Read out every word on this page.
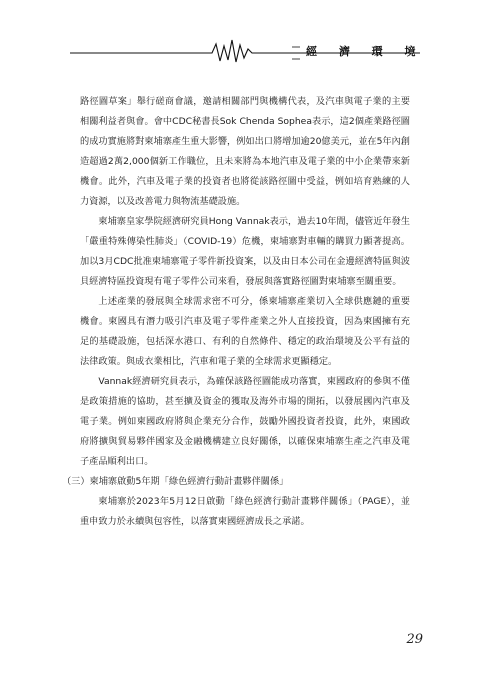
經 濟 環 境

路徑圖草案」舉行磋商會議，邀請相關部門與機構代表，及汽車與電子業的主要相關利益者與會。會中CDC秘書長Sok Chenda Sophea表示，這2個產業路徑圖的成功實施將對柬埔寨產生重大影響，例如出口將增加逾20億美元，並在5年內創造超過2萬2,000個新工作職位，且未來將為本地汽車及電子業的中小企業帶來新機會。此外，汽車及電子業的投資者也將從該路徑圖中受益，例如培育熟練的人力資源，以及改善電力與物流基礎設施。

柬埔寨皇家學院經濟研究員Hong Vannak表示，過去10年間，儘管近年發生「嚴重特殊傳染性肺炎」（COVID-19）危機，柬埔寨對車輛的購買力顯著提高。加以3月CDC批准柬埔寨電子零件新投資案，以及由日本公司在金邊經濟特區與波貝經濟特區投資現有電子零件公司來看，發展與落實路徑圖對柬埔寨至關重要。

上述產業的發展與全球需求密不可分，係柬埔寨產業切入全球供應鏈的重要機會。柬國具有潛力吸引汽車及電子零件產業之外人直接投資，因為柬國擁有充足的基礎設施，包括深水港口、有利的自然條件、穩定的政治環境及公平有益的法律政策。與成衣業相比，汽車和電子業的全球需求更顯穩定。

Vannak經濟研究員表示，為確保該路徑圖能成功落實，柬國政府的參與不僅是政策措施的協助，甚至擴及資金的獲取及海外市場的開拓，以發展國內汽車及電子業。例如柬國政府將與企業充分合作，鼓勵外國投資者投資，此外，柬國政府將擴與貿易夥伴國家及金融機構建立良好關係，以確保柬埔寨生產之汽車及電子產品順利出口。

（三）柬埔寨啟動5年期「綠色經濟行動計畫夥伴關係」

柬埔寨於2023年5月12日啟動「綠色經濟行動計畫夥伴關係」（PAGE），並重申致力於永續與包容性，以落實柬國經濟成長之承諾。

29
